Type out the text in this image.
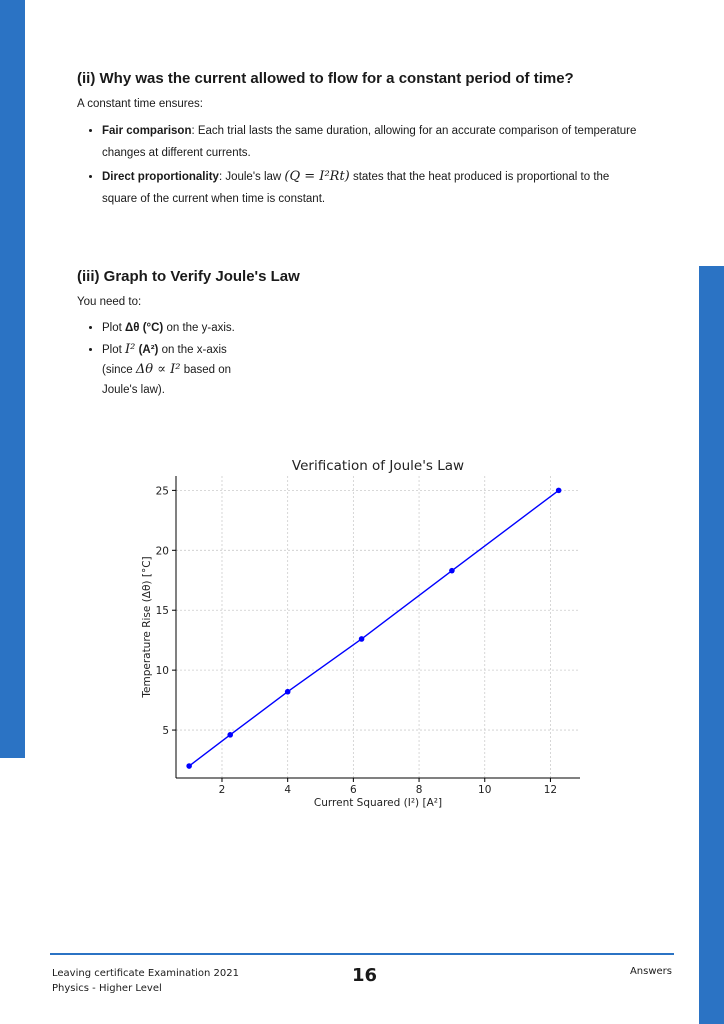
(ii) Why was the current allowed to flow for a constant period of time?

A constant time ensures:

• Fair comparison: Each trial lasts the same duration, allowing for an accurate comparison of temperature changes at different currents.
• Direct proportionality: Joule's law (Q = I²Rt) states that the heat produced is proportional to the square of the current when time is constant.
(iii) Graph to Verify Joule's Law

You need to:

• Plot Δθ (°C) on the y-axis.
• Plot I² (A²) on the x-axis
(since Δθ ∝ I² based on
Joule's law).
2	4	6	8	10	12
5
10
15
20
25
Verification of Joule's Law
Current Squared (I²) [A²]
Temperature Rise (Δθ) [°C]
Leaving certificate Examination 2021
Physics - Higher Level
16	Answers
